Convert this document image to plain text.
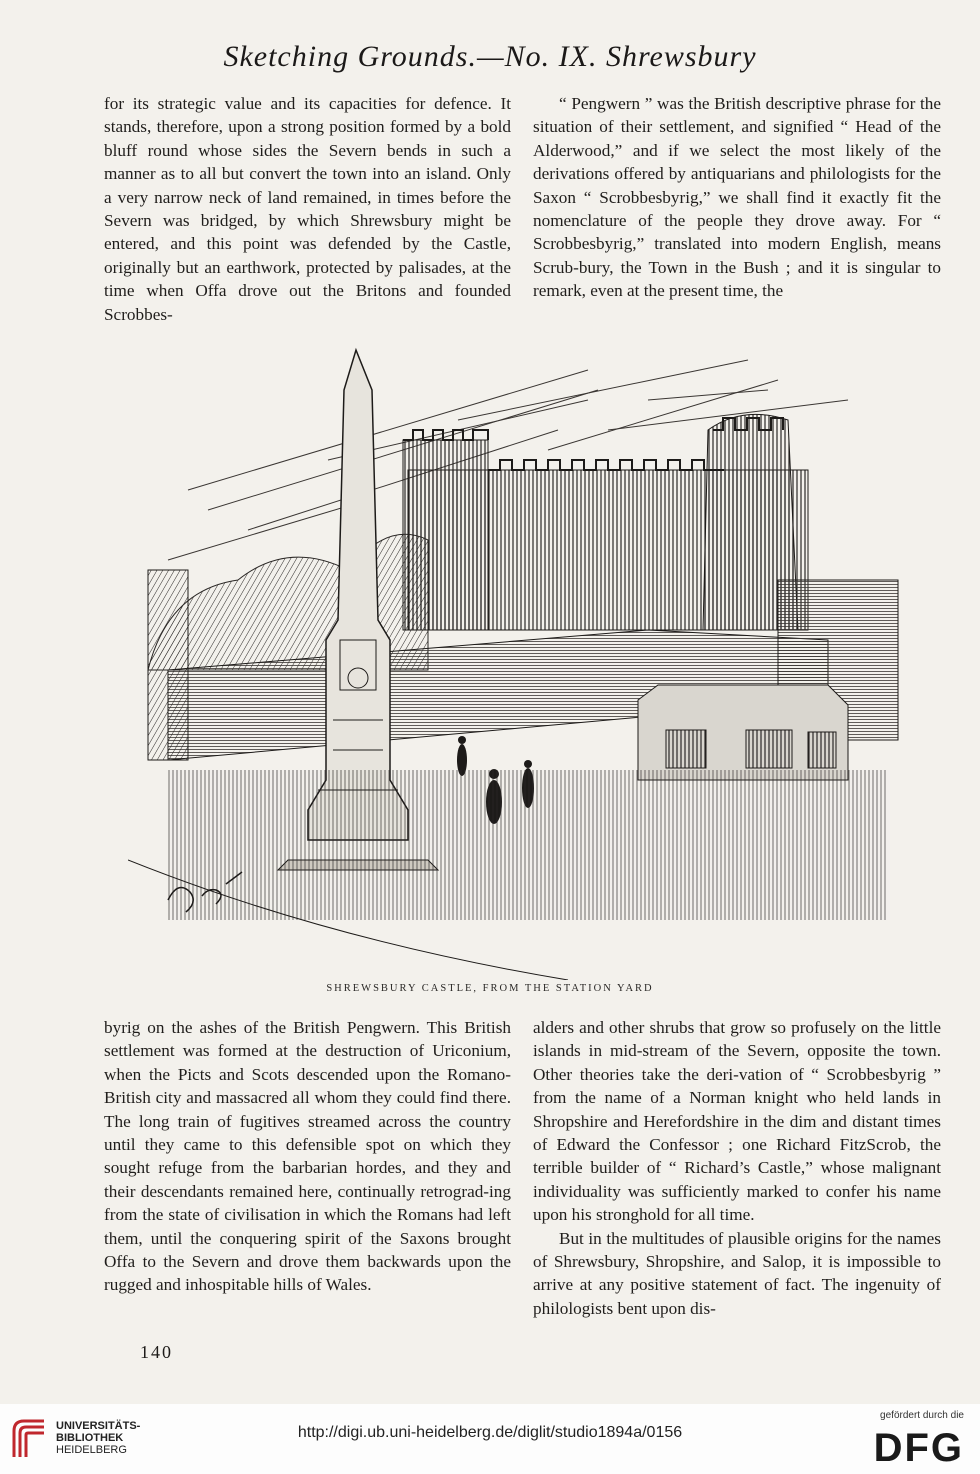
Sketching Grounds.—No. IX. Shrewsbury

for its strategic value and its capacities for defence. It stands, therefore, upon a strong position formed by a bold bluff round whose sides the Severn bends in such a manner as to all but convert the town into an island. Only a very narrow neck of land remained, in times before the Severn was bridged, by which Shrewsbury might be entered, and this point was defended by the Castle, originally but an earthwork, protected by palisades, at the time when Offa drove out the Britons and founded Scrobbes-

“ Pengwern ” was the British descriptive phrase for the situation of their settlement, and signified “ Head of the Alderwood,” and if we select the most likely of the derivations offered by antiquarians and philologists for the Saxon “ Scrobbesbyrig,” we shall find it exactly fit the nomenclature of the people they drove away. For “ Scrobbesbyrig,” translated into modern English, means Scrub-bury, the Town in the Bush ; and it is singular to remark, even at the present time, the

SHREWSBURY CASTLE, FROM THE STATION YARD

byrig on the ashes of the British Pengwern. This British settlement was formed at the destruction of Uriconium, when the Picts and Scots descended upon the Romano-British city and massacred all whom they could find there. The long train of fugitives streamed across the country until they came to this defensible spot on which they sought refuge from the barbarian hordes, and they and their descendants remained here, continually retrograd-ing from the state of civilisation in which the Romans had left them, until the conquering spirit of the Saxons brought Offa to the Severn and drove them backwards upon the rugged and inhospitable hills of Wales.

alders and other shrubs that grow so profusely on the little islands in mid-stream of the Severn, opposite the town. Other theories take the deri-vation of “ Scrobbesbyrig ” from the name of a Norman knight who held lands in Shropshire and Herefordshire in the dim and distant times of Edward the Confessor ; one Richard FitzScrob, the terrible builder of “ Richard’s Castle,” whose malignant individuality was sufficiently marked to confer his name upon his stronghold for all time.

But in the multitudes of plausible origins for the names of Shrewsbury, Shropshire, and Salop, it is impossible to arrive at any positive statement of fact. The ingenuity of philologists bent upon dis-

140
UNIVERSITÄTS-
BIBLIOTHEK
HEIDELBERG
http://digi.ub.uni-heidelberg.de/diglit/studio1894a/0156
gefördert durch die
DFG
